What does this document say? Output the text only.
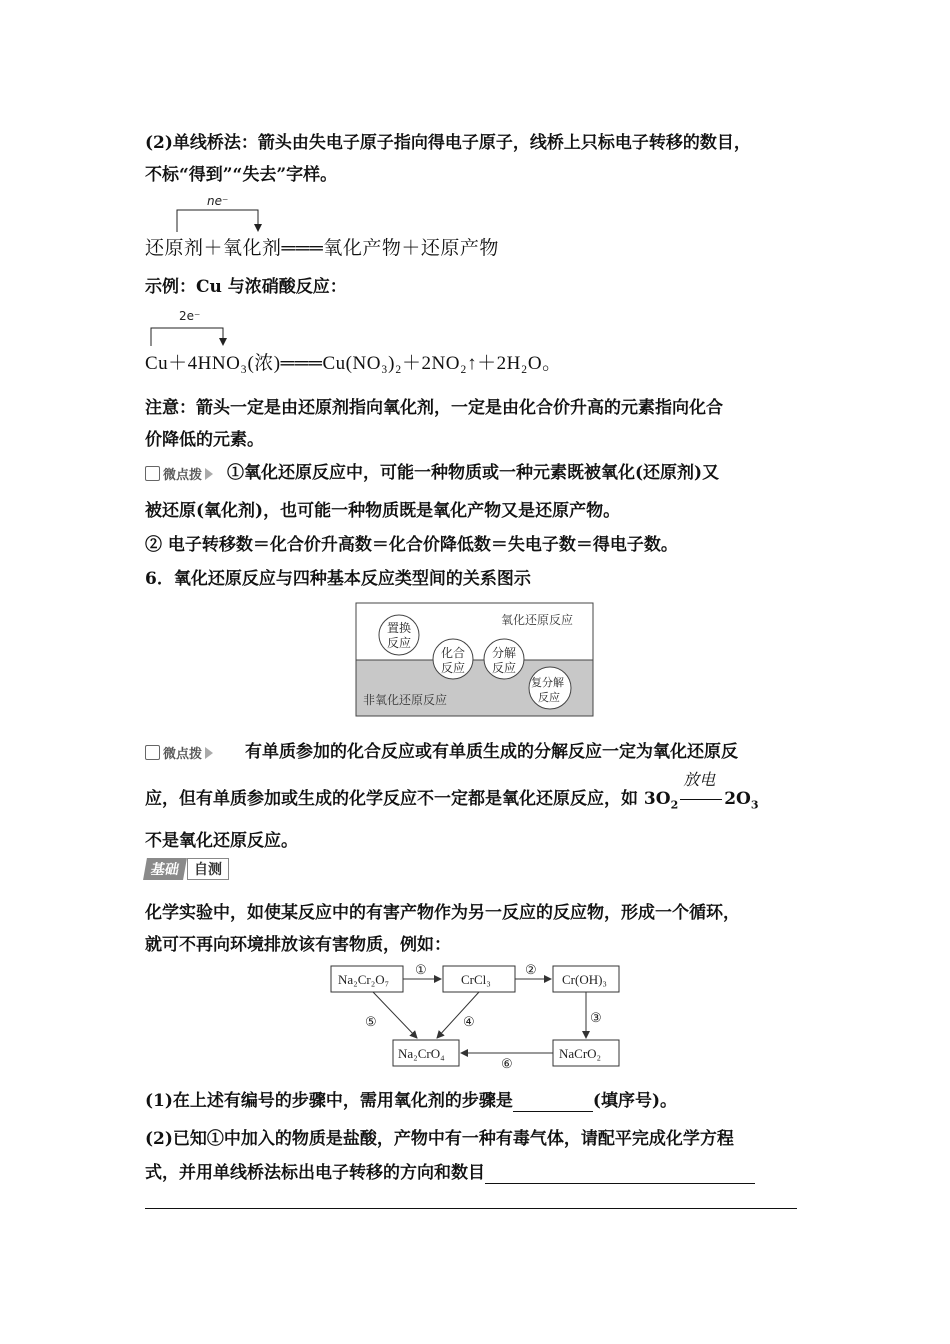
(2)单线桥法：箭头由失电子原子指向得电子原子，线桥上只标电子转移的数目，
不标“得到”“失去”字样。
ne⁻
还原剂＋氧化剂═══氧化产物＋还原产物
示例：Cu 与浓硝酸反应：
2e⁻
Cu＋4HNO₃(浓)═══Cu(NO₃)₂＋2NO₂↑＋2H₂O。
注意：箭头一定是由还原剂指向氧化剂，一定是由化合价升高的元素指向化合
价降低的元素。
微点拨 ①氧化还原反应中，可能一种物质或一种元素既被氧化(还原剂)又
被还原(氧化剂)，也可能一种物质既是氧化产物又是还原产物。
② 电子转移数＝化合价升高数＝化合价降低数＝失电子数＝得电子数。
6．氧化还原反应与四种基本反应类型间的关系图示
氧化还原反应
非氧化还原反应
置换
反应
化合
反应
分解
反应
复分解
反应
微点拨	有单质参加的化合反应或有单质生成的分解反应一定为氧化还原反
应，但有单质参加或生成的化学反应不一定都是氧化还原反应，如 $3O_2$
放电
$2O_3$
不是氧化还原反应。
基础 自测
化学实验中，如使某反应中的有害产物作为另一反应的反应物，形成一个循环，
就可不再向环境排放该有害物质，例如：
Na₂Cr₂O₇	CrCl₃	Cr(OH)₃
Na₂CrO₄	NaCrO₂
①	②
③
④
⑤
⑥
(1)在上述有编号的步骤中，需用氧化剂的步骤是	(填序号)。
(2)已知①中加入的物质是盐酸，产物中有一种有毒气体，请配平完成化学方程
式，并用单线桥法标出电子转移的方向和数目
